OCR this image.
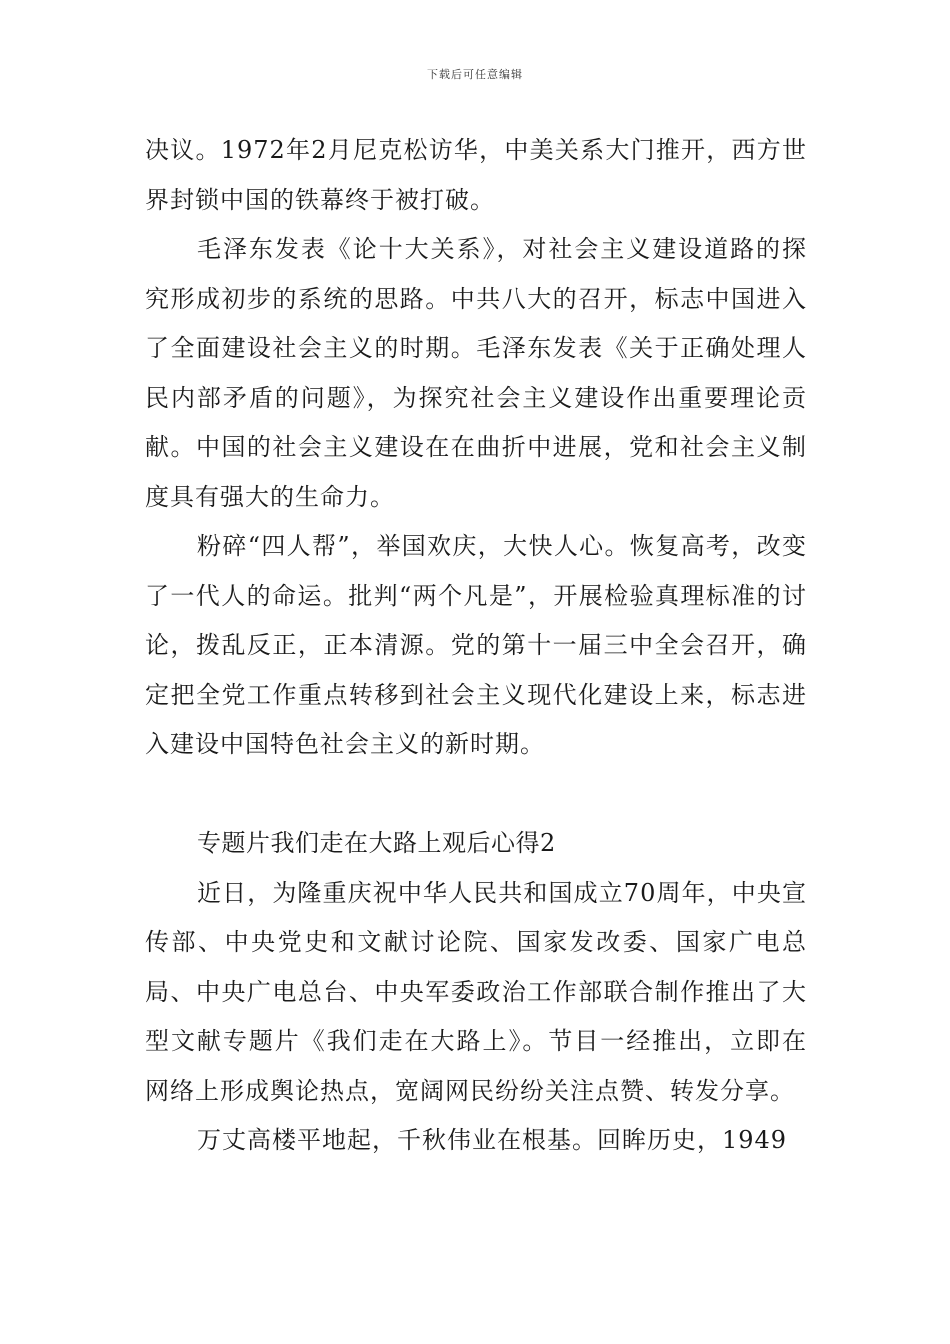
下载后可任意编辑

决议。1972年2月尼克松访华，中美关系大门推开，西方世界封锁中国的铁幕终于被打破。

毛泽东发表《论十大关系》，对社会主义建设道路的探究形成初步的系统的思路。中共八大的召开，标志中国进入了全面建设社会主义的时期。毛泽东发表《关于正确处理人民内部矛盾的问题》，为探究社会主义建设作出重要理论贡献。中国的社会主义建设在在曲折中进展，党和社会主义制度具有强大的生命力。

粉碎“四人帮”，举国欢庆，大快人心。恢复高考，改变了一代人的命运。批判“两个凡是”，开展检验真理标准的讨论，拨乱反正，正本清源。党的第十一届三中全会召开，确定把全党工作重点转移到社会主义现代化建设上来，标志进入建设中国特色社会主义的新时期。

专题片我们走在大路上观后心得2

近日，为隆重庆祝中华人民共和国成立70周年，中央宣传部、中央党史和文献讨论院、国家发改委、国家广电总局、中央广电总台、中央军委政治工作部联合制作推出了大型文献专题片《我们走在大路上》。节目一经推出，立即在网络上形成舆论热点，宽阔网民纷纷关注点赞、转发分享。

万丈高楼平地起，千秋伟业在根基。回眸历史，1949
